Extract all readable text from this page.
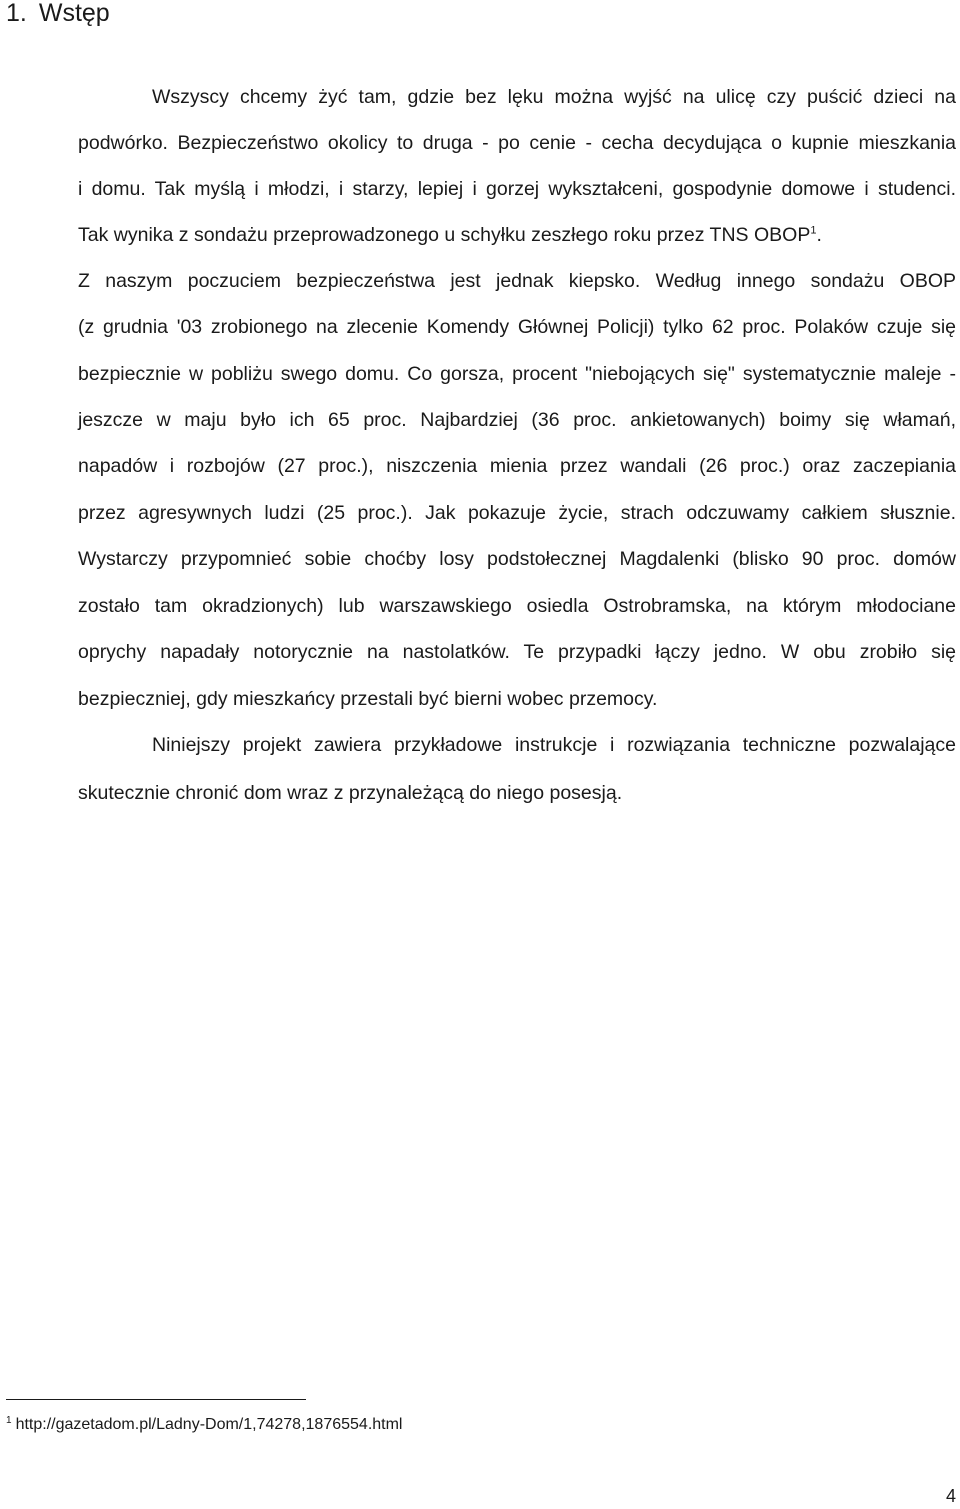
1. Wstęp

Wszyscy chcemy żyć tam, gdzie bez lęku można wyjść na ulicę czy puścić dzieci na

podwórko. Bezpieczeństwo okolicy to druga - po cenie - cecha decydująca o kupnie mieszkania

i domu. Tak myślą i młodzi, i starzy, lepiej i gorzej wykształceni, gospodynie domowe i studenci.

Tak wynika z sondażu przeprowadzonego u schyłku zeszłego roku przez TNS OBOP$^1$.

Z naszym poczuciem bezpieczeństwa jest jednak kiepsko. Według innego sondażu OBOP

(z grudnia '03 zrobionego na zlecenie Komendy Głównej Policji) tylko 62 proc. Polaków czuje się

bezpiecznie w pobliżu swego domu. Co gorsza, procent "niebojących się" systematycznie maleje -

jeszcze w maju było ich 65 proc. Najbardziej (36 proc. ankietowanych) boimy się włamań,

napadów i rozbojów (27 proc.), niszczenia mienia przez wandali (26 proc.) oraz zaczepiania

przez agresywnych ludzi (25 proc.). Jak pokazuje życie, strach odczuwamy całkiem słusznie.

Wystarczy przypomnieć sobie choćby losy podstołecznej Magdalenki (blisko 90 proc. domów

zostało tam okradzionych) lub warszawskiego osiedla Ostrobramska, na którym młodociane

oprychy napadały notorycznie na nastolatków. Te przypadki łączy jedno. W obu zrobiło się

bezpieczniej, gdy mieszkańcy przestali być bierni wobec przemocy.

Niniejszy projekt zawiera przykładowe instrukcje i rozwiązania techniczne pozwalające

skutecznie chronić dom wraz z przynależącą do niego posesją.

$^1$ http://gazetadom.pl/Ladny-Dom/1,74278,1876554.html
4
